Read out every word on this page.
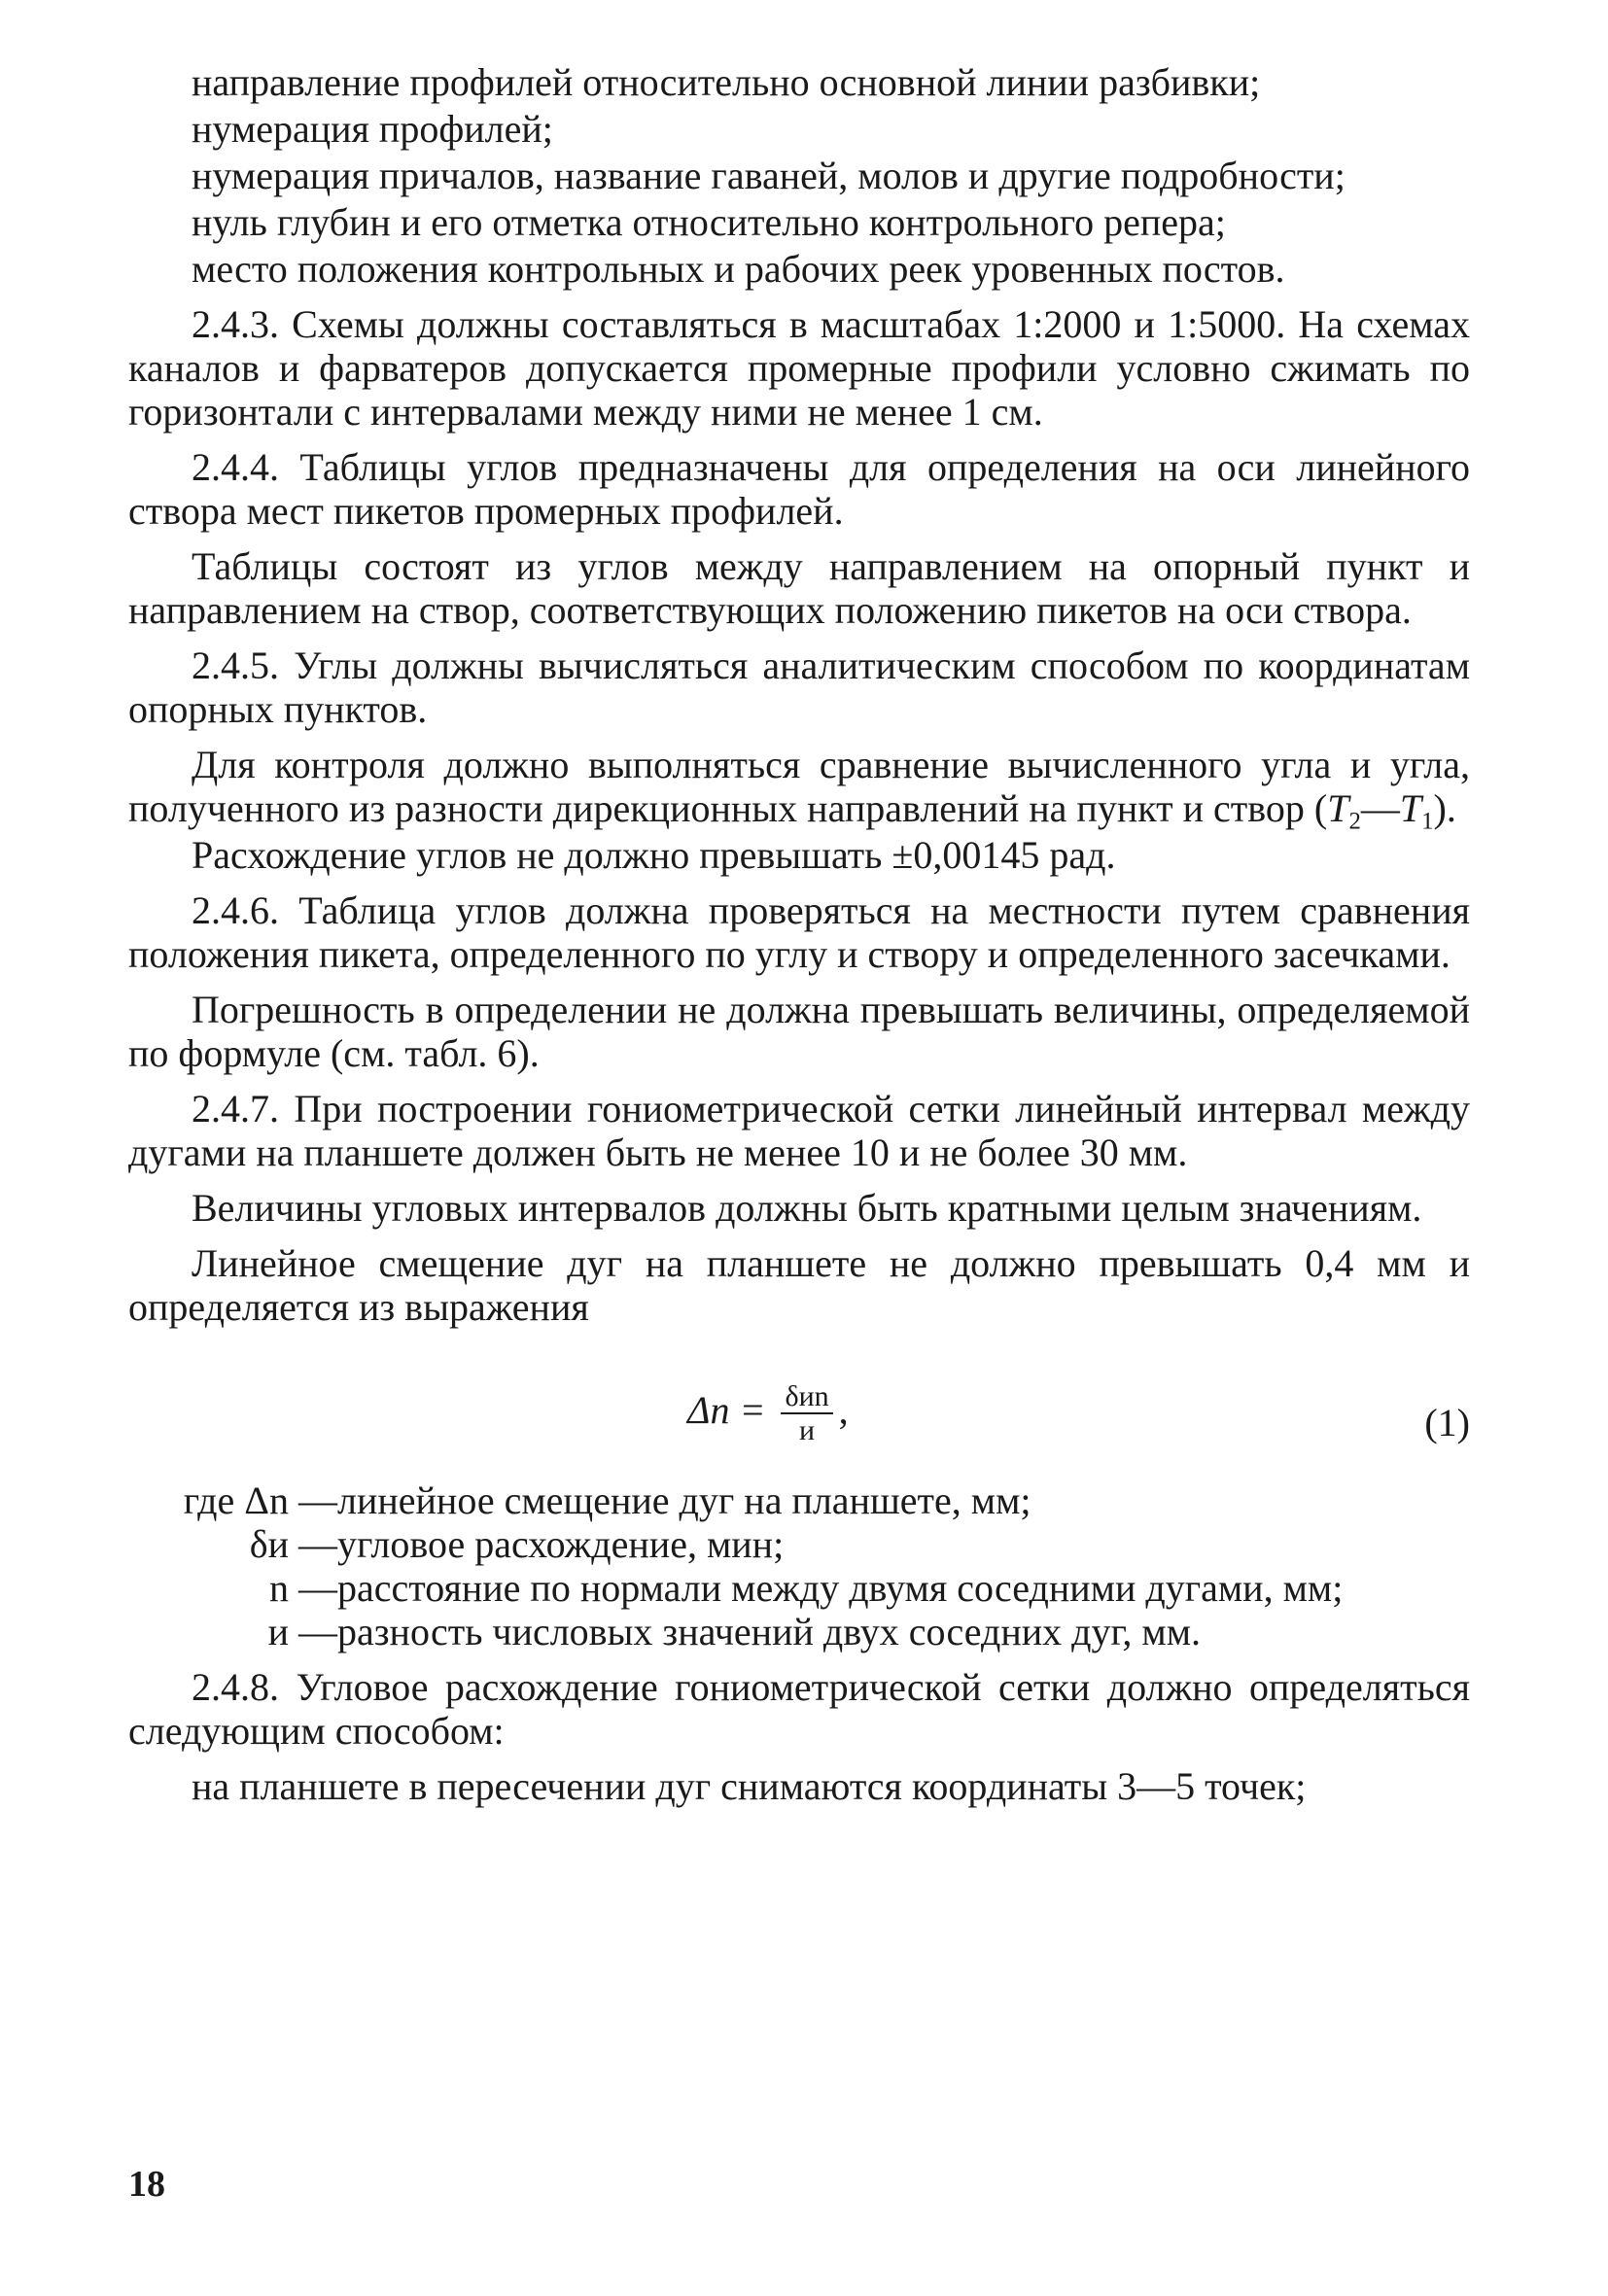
направление профилей относительно основной линии разбивки;

нумерация профилей;

нумерация причалов, название гаваней, молов и другие подробности;

нуль глубин и его отметка относительно контрольного репера;

место положения контрольных и рабочих реек уровенных постов.

2.4.3. Схемы должны составляться в масштабах 1:2000 и 1:5000. На схемах каналов и фарватеров допускается промерные профили условно сжимать по горизонтали с интервалами между ними не менее 1 см.

2.4.4. Таблицы углов предназначены для определения на оси линейного створа мест пикетов промерных профилей.

Таблицы состоят из углов между направлением на опорный пункт и направлением на створ, соответствующих положению пикетов на оси створа.

2.4.5. Углы должны вычисляться аналитическим способом по координатам опорных пунктов.

Для контроля должно выполняться сравнение вычисленного угла и угла, полученного из разности дирекционных направлений на пункт и створ $(T_2—T_1)$.

Расхождение углов не должно превышать ±0,00145 рад.

2.4.6. Таблица углов должна проверяться на местности путем сравнения положения пикета, определенного по углу и створу и определенного засечками.

Погрешность в определении не должна превышать величины, определяемой по формуле (см. табл. 6).

2.4.7. При построении гониометрической сетки линейный интервал между дугами на планшете должен быть не менее 10 и не более 30 мм.

Величины угловых интервалов должны быть кратными целым значениям.

Линейное смещение дуг на планшете не должно превышать 0,4 мм и определяется из выражения

$\Delta n = \frac{\text{δиn}}{и}$ ,	(1)
где Δn — линейное смещение дуг на планшете, мм;
δи — угловое расхождение, мин;
n — расстояние по нормали между двумя соседними дугами, мм;
и — разность числовых значений двух соседних дуг, мм.

2.4.8. Угловое расхождение гониометрической сетки должно определяться следующим способом:

на планшете в пересечении дуг снимаются координаты 3—5 точек;

18
